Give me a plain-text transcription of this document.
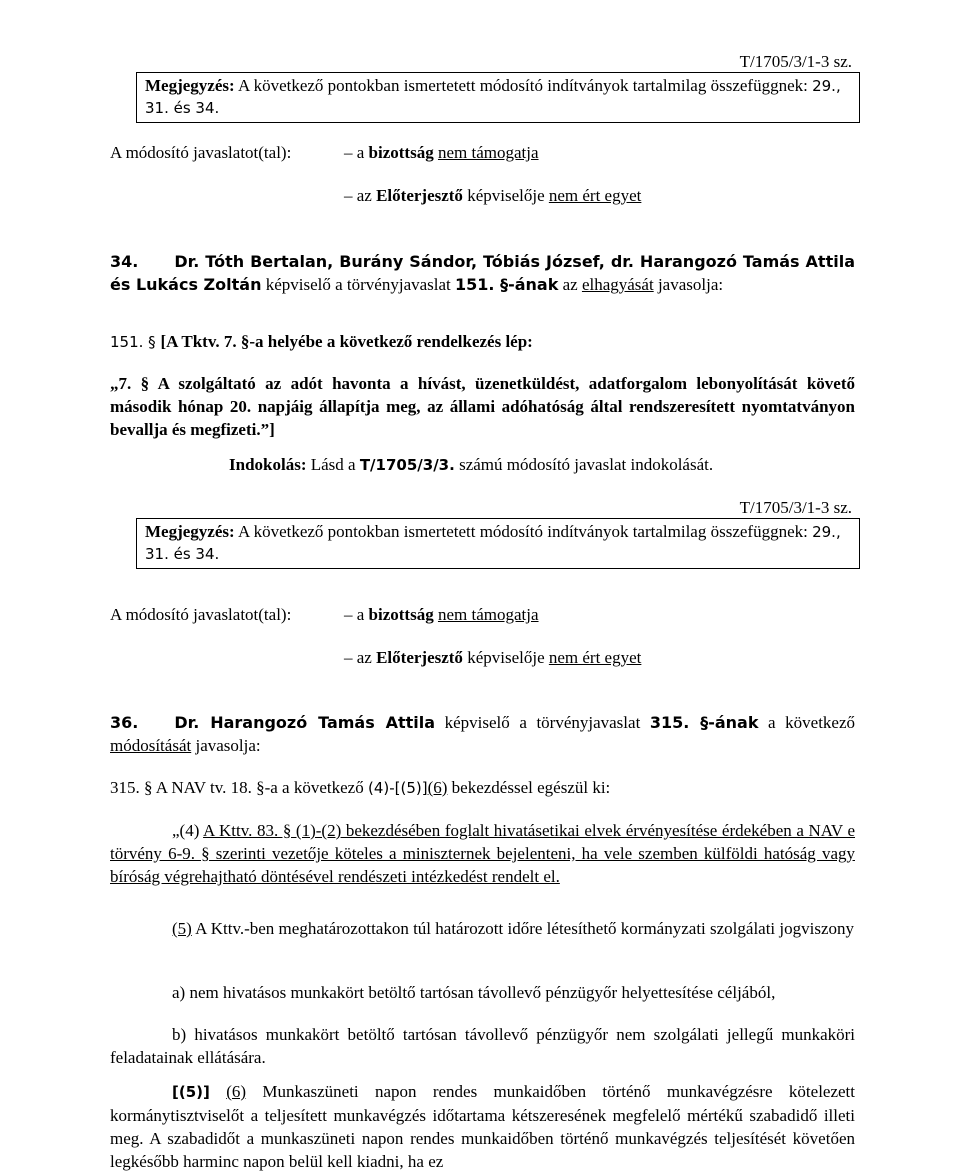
T/1705/3/1-3 sz.
Megjegyzés: A következő pontokban ismertetett módosító indítványok tartalmilag összefüggnek: 29., 31. és 34.
A módosító javaslatot(tal):	– a bizottság nem támogatja
– az Előterjesztő képviselője nem ért egyet
34. Dr. Tóth Bertalan, Burány Sándor, Tóbiás József, dr. Harangozó Tamás Attila és Lukács Zoltán képviselő a törvényjavaslat 151. §-ának az elhagyását javasolja:
151. § [A Tktv. 7. §-a helyébe a következő rendelkezés lép:
„7. § A szolgáltató az adót havonta a hívást, üzenetküldést, adatforgalom lebonyolítását követő második hónap 20. napjáig állapítja meg, az állami adóhatóság által rendszeresített nyomtatványon bevallja és megfizeti.”]
Indokolás: Lásd a T/1705/3/3. számú módosító javaslat indokolását.
T/1705/3/1-3 sz.
Megjegyzés: A következő pontokban ismertetett módosító indítványok tartalmilag összefüggnek: 29., 31. és 34.
A módosító javaslatot(tal):	– a bizottság nem támogatja
– az Előterjesztő képviselője nem ért egyet
36. Dr. Harangozó Tamás Attila képviselő a törvényjavaslat 315. §-ának a következő módosítását javasolja:
315. § A NAV tv. 18. §-a a következő (4)-[(5)](6) bekezdéssel egészül ki:
„(4) A Kttv. 83. § (1)-(2) bekezdésében foglalt hivatásetikai elvek érvényesítése érdekében a NAV e törvény 6-9. § szerinti vezetője köteles a miniszternek bejelenteni, ha vele szemben külföldi hatóság vagy bíróság végrehajtható döntésével rendészeti intézkedést rendelt el.
(5) A Kttv.-ben meghatározottakon túl határozott időre létesíthető kormányzati szolgálati jogviszony
a) nem hivatásos munkakört betöltő tartósan távollevő pénzügyőr helyettesítése céljából,
b) hivatásos munkakört betöltő tartósan távollevő pénzügyőr nem szolgálati jellegű munkaköri feladatainak ellátására.
[(5)] (6) Munkaszüneti napon rendes munkaidőben történő munkavégzésre kötelezett kormánytisztviselőt a teljesített munkavégzés időtartama kétszeresének megfelelő mértékű szabadidő illeti meg. A szabadidőt a munkaszüneti napon rendes munkaidőben történő munkavégzés teljesítését követően legkésőbb harminc napon belül kell kiadni, ha ez
